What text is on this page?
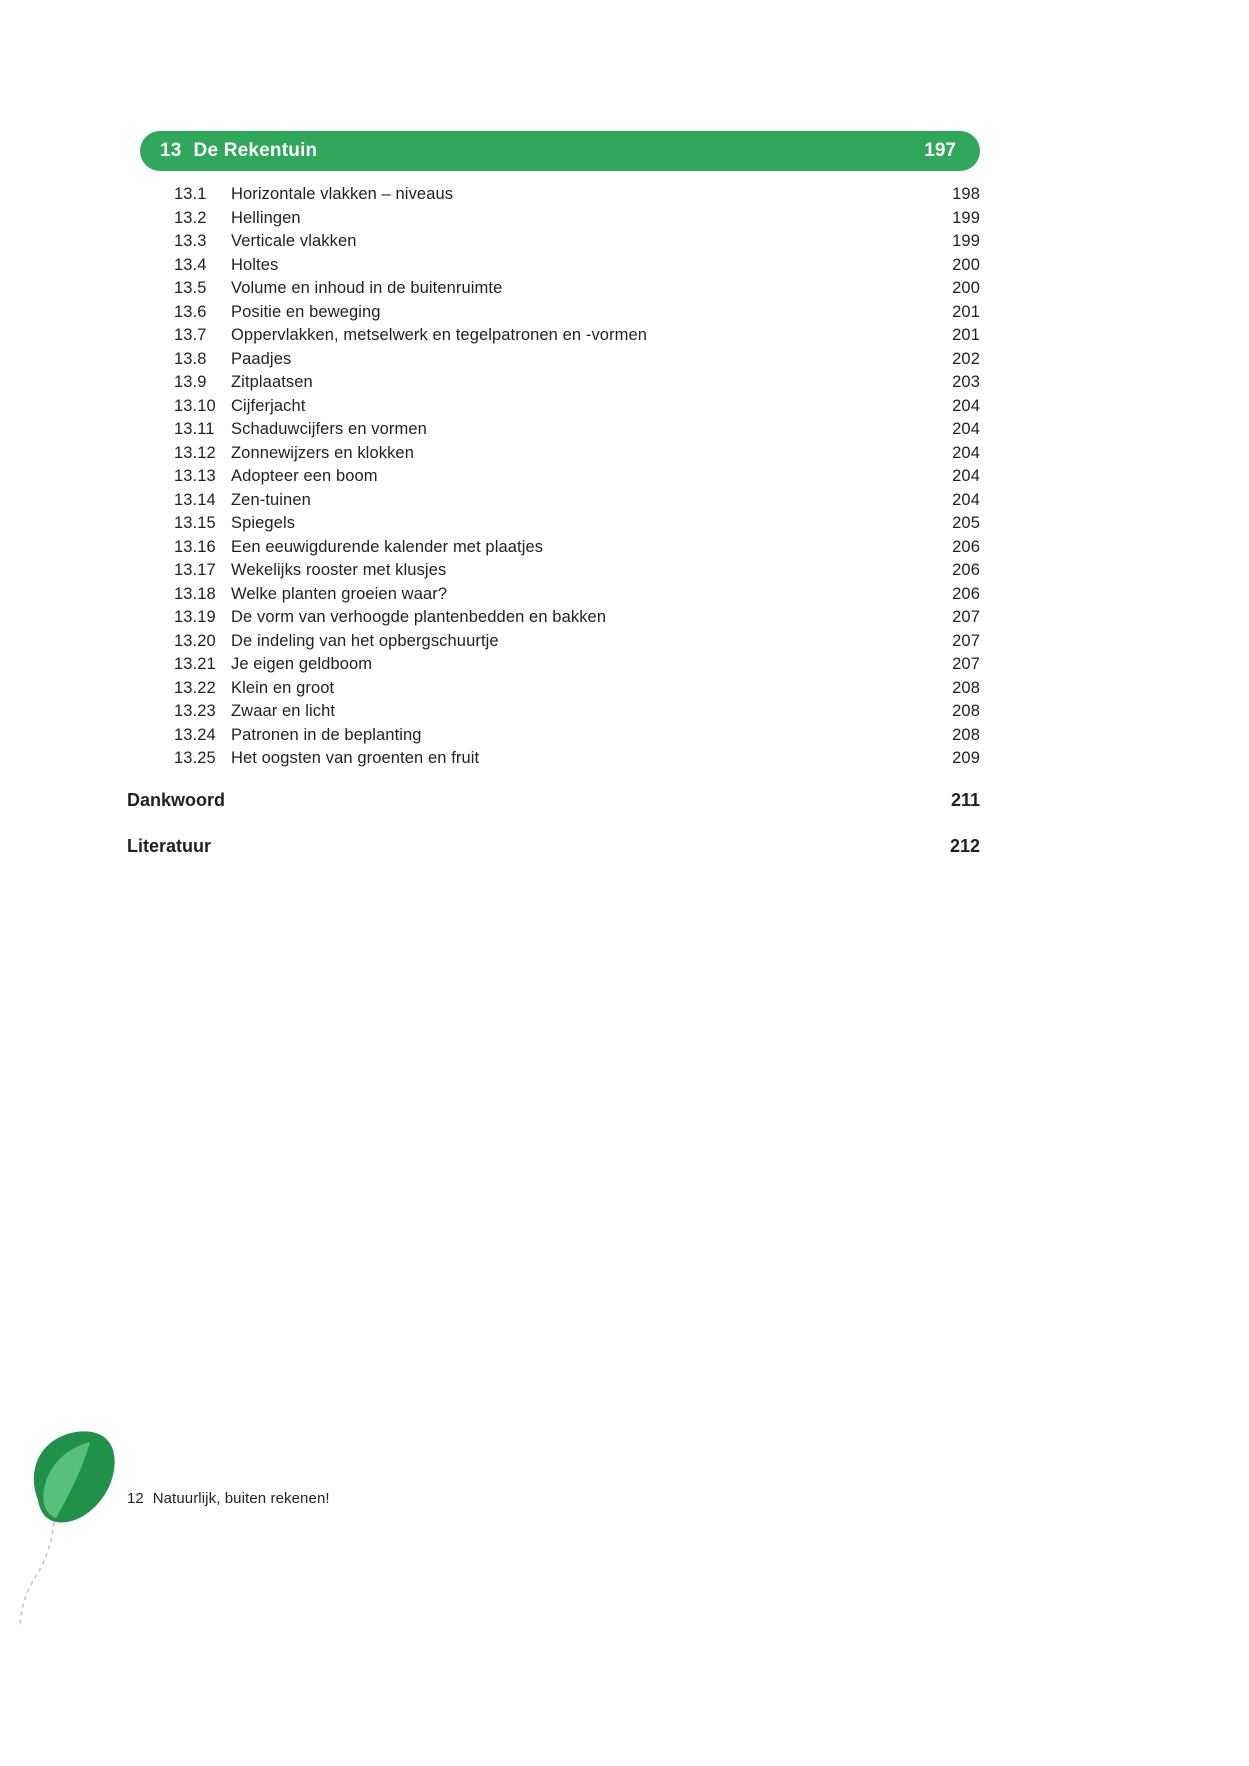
13 De Rekentuin	197
13.1	Horizontale vlakken – niveaus	198
13.2	Hellingen	199
13.3	Verticale vlakken	199
13.4	Holtes	200
13.5	Volume en inhoud in de buitenruimte	200
13.6	Positie en beweging	201
13.7	Oppervlakken, metselwerk en tegelpatronen en -vormen	201
13.8	Paadjes	202
13.9	Zitplaatsen	203
13.10 Cijferjacht	204
13.11 Schaduwcijfers en vormen	204
13.12 Zonnewijzers en klokken	204
13.13 Adopteer een boom	204
13.14 Zen-tuinen	204
13.15 Spiegels	205
13.16 Een eeuwigdurende kalender met plaatjes	206
13.17 Wekelijks rooster met klusjes	206
13.18 Welke planten groeien waar?	206
13.19 De vorm van verhoogde plantenbedden en bakken	207
13.20 De indeling van het opbergschuurtje	207
13.21 Je eigen geldboom	207
13.22 Klein en groot	208
13.23 Zwaar en licht	208
13.24 Patronen in de beplanting	208
13.25 Het oogsten van groenten en fruit	209
Dankwoord	211
Literatuur	212
12 Natuurlijk, buiten rekenen!
